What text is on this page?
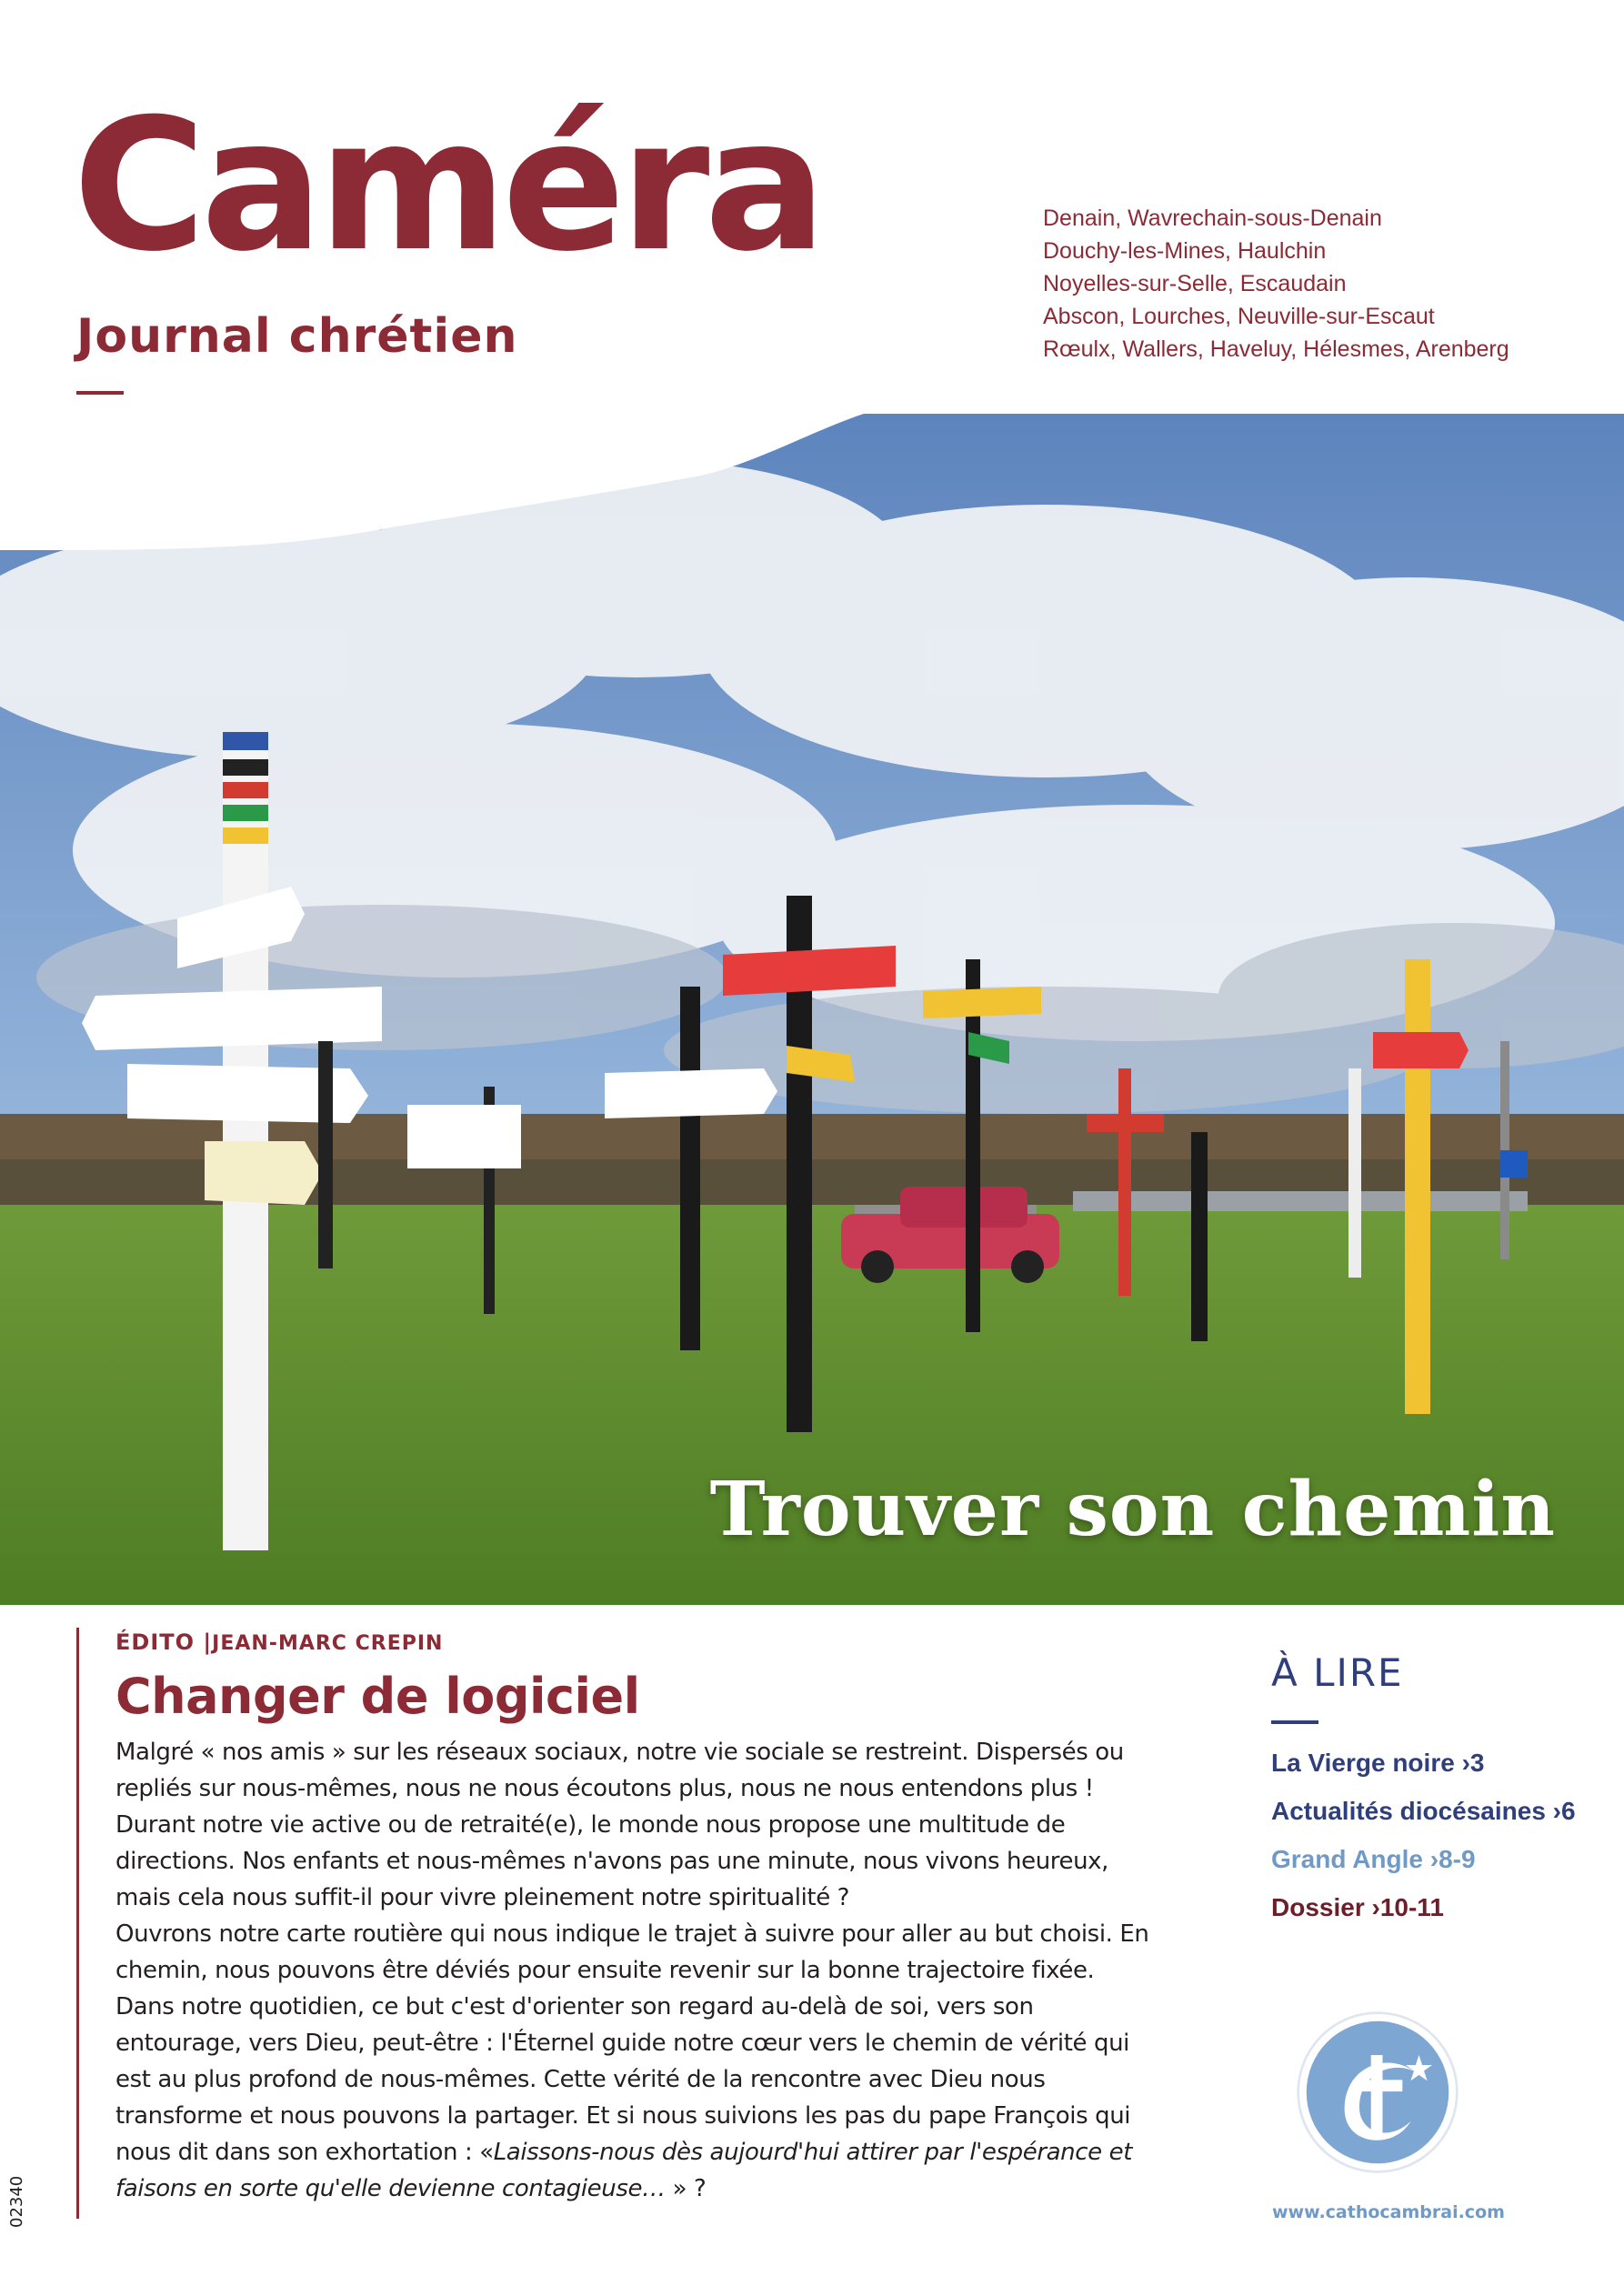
Caméra
Journal chrétien
Denain, Wavrechain-sous-Denain
Douchy-les-Mines, Haulchin
Noyelles-sur-Selle, Escaudain
Abscon, Lourches, Neuville-sur-Escaut
Rœulx, Wallers, Haveluy, Hélesmes, Arenberg
Trouver son chemin
ÉDITO |JEAN-MARC CREPIN
Changer de logiciel

Malgré « nos amis » sur les réseaux sociaux, notre vie sociale se restreint. Dispersés ou repliés sur nous-mêmes, nous ne nous écoutons plus, nous ne nous entendons plus ! Durant notre vie active ou de retraité(e), le monde nous propose une multitude de directions. Nos enfants et nous-mêmes n'avons pas une minute, nous vivons heureux, mais cela nous suffit-il pour vivre pleinement notre spiritualité ?

Ouvrons notre carte routière qui nous indique le trajet à suivre pour aller au but choisi. En chemin, nous pouvons être déviés pour ensuite revenir sur la bonne trajectoire fixée. Dans notre quotidien, ce but c'est d'orienter son regard au-delà de soi, vers son entourage, vers Dieu, peut-être : l'Éternel guide notre cœur vers le chemin de vérité qui est au plus profond de nous-mêmes. Cette vérité de la rencontre avec Dieu nous transforme et nous pouvons la partager. Et si nous suivions les pas du pape François qui nous dit dans son exhortation : «Laissons-nous dès aujourd'hui attirer par l'espérance et faisons en sorte qu'elle devienne contagieuse… » ?

À LIRE
La Vierge noire ›3
Actualités diocésaines ›6
Grand Angle ›8-9
Dossier ›10-11
www.cathocambrai.com
02340
